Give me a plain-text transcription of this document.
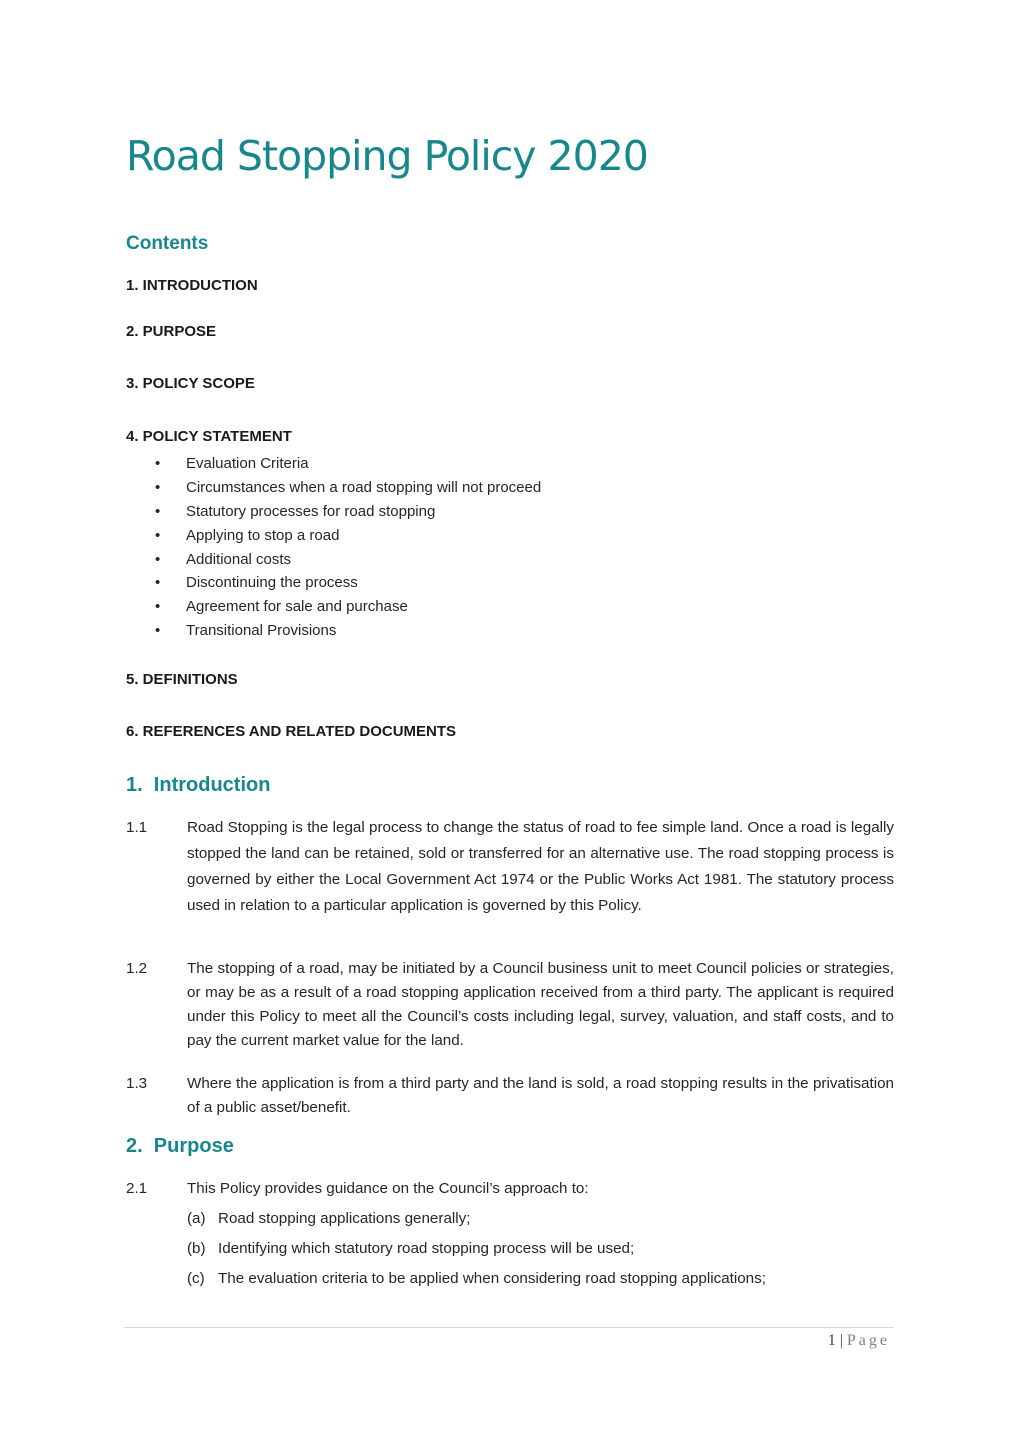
Road Stopping Policy 2020
Contents
1. INTRODUCTION
2. PURPOSE
3. POLICY SCOPE
4. POLICY STATEMENT
• Evaluation Criteria
• Circumstances when a road stopping will not proceed
• Statutory processes for road stopping
• Applying to stop a road
• Additional costs
• Discontinuing the process
• Agreement for sale and purchase
• Transitional Provisions
5. DEFINITIONS
6. REFERENCES AND RELATED DOCUMENTS
1.  Introduction
1.1	Road Stopping is the legal process to change the status of road to fee simple land. Once a road is legally stopped the land can be retained, sold or transferred for an alternative use. The road stopping process is governed by either the Local Government Act 1974 or the Public Works Act 1981. The statutory process used in relation to a particular application is governed by this Policy.
1.2	The stopping of a road, may be initiated by a Council business unit to meet Council policies or strategies, or may be as a result of a road stopping application received from a third party. The applicant is required under this Policy to meet all the Council’s costs including legal, survey, valuation, and staff costs, and to pay the current market value for the land.
1.3	Where the application is from a third party and the land is sold, a road stopping results in the privatisation of a public asset/benefit.
2.  Purpose
2.1	This Policy provides guidance on the Council’s approach to:
(a) Road stopping applications generally;
(b) Identifying which statutory road stopping process will be used;
(c) The evaluation criteria to be applied when considering road stopping applications;
1 | Page
